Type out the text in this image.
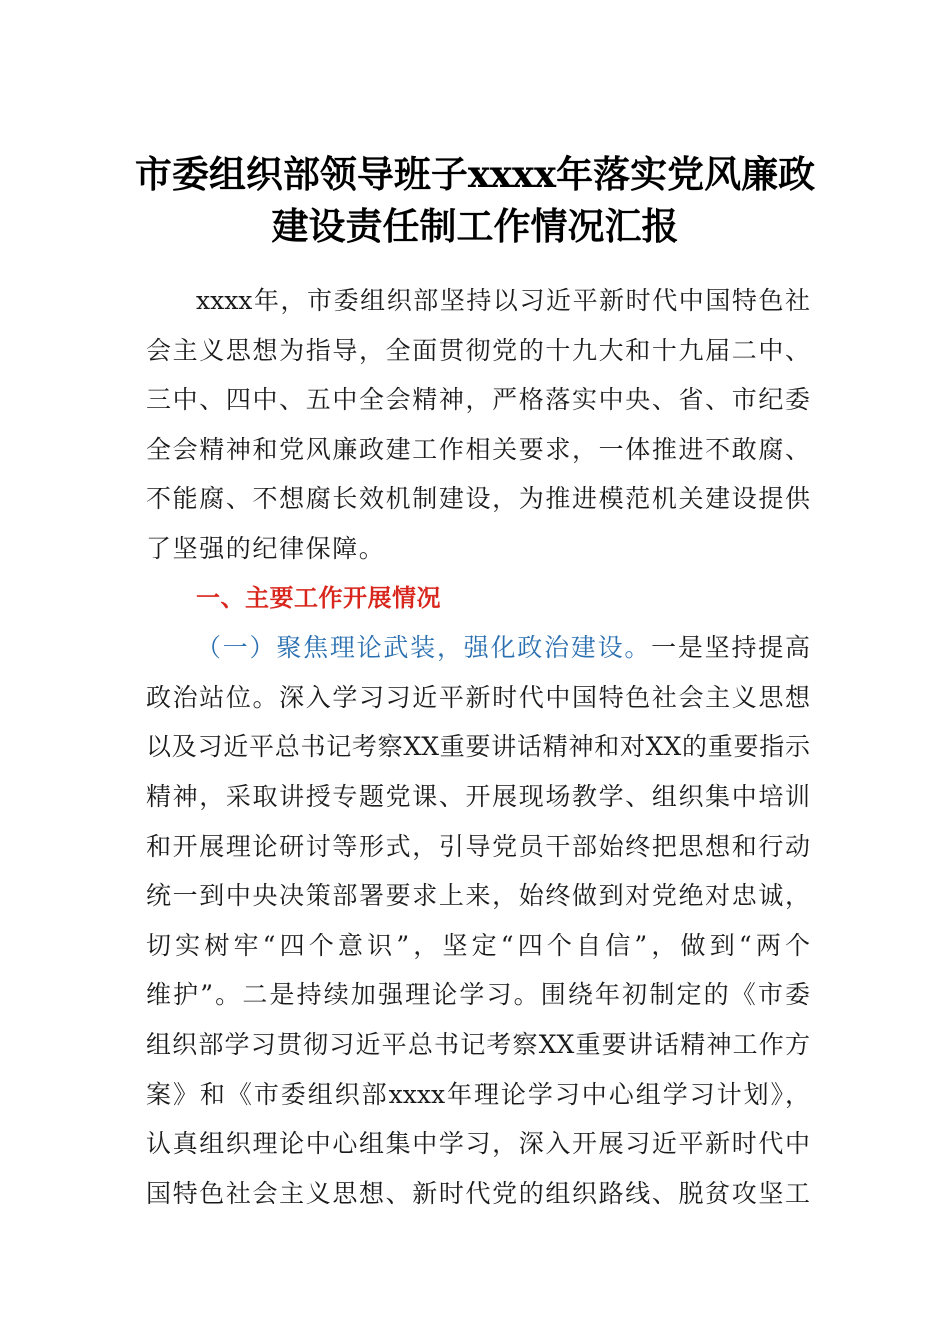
市委组织部领导班子xxxx年落实党风廉政
建设责任制工作情况汇报
xxxx年，市委组织部坚持以习近平新时代中国特色社
会主义思想为指导，全面贯彻党的十九大和十九届二中、
三中、四中、五中全会精神，严格落实中央、省、市纪委
全会精神和党风廉政建工作相关要求，一体推进不敢腐、
不能腐、不想腐长效机制建设，为推进模范机关建设提供
了坚强的纪律保障。
一、主要工作开展情况
（一）聚焦理论武装，强化政治建设。一是坚持提高
政治站位。深入学习习近平新时代中国特色社会主义思想
以及习近平总书记考察XX重要讲话精神和对XX的重要指示
精神，采取讲授专题党课、开展现场教学、组织集中培训
和开展理论研讨等形式，引导党员干部始终把思想和行动
统一到中央决策部署要求上来，始终做到对党绝对忠诚，
切实树牢“四个意识”，坚定“四个自信”，做到“两个
维护”。二是持续加强理论学习。围绕年初制定的《市委
组织部学习贯彻习近平总书记考察XX重要讲话精神工作方
案》和《市委组织部xxxx年理论学习中心组学习计划》，
认真组织理论中心组集中学习，深入开展习近平新时代中
国特色社会主义思想、新时代党的组织路线、脱贫攻坚工
